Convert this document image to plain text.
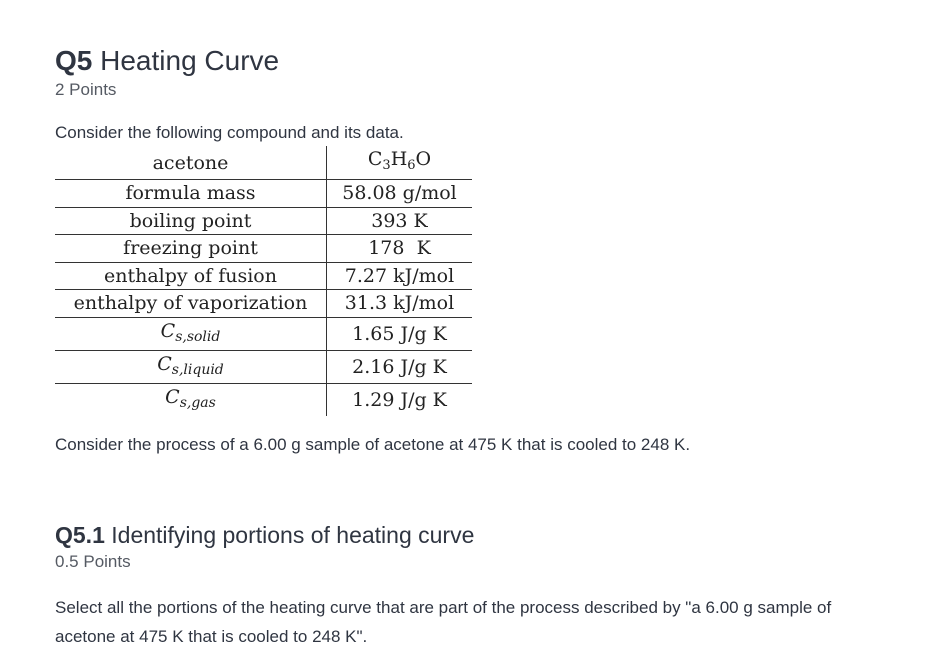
Q5 Heating Curve
2 Points
Consider the following compound and its data.
acetone	$C_3H_6O$
formula mass	58.08 g/mol
boiling point	393 K
freezing point	178  K
enthalpy of fusion	7.27 kJ/mol
enthalpy of vaporization	31.3 kJ/mol
$C_{s,solid}$	1.65 J/g K
$C_{s,liquid}$	2.16 J/g K
$C_{s,gas}$	1.29 J/g K
Consider the process of a 6.00 g sample of acetone at 475 K that is cooled to 248 K.
Q5.1 Identifying portions of heating curve
0.5 Points
Select all the portions of the heating curve that are part of the process described by "a 6.00 g sample of acetone at 475 K that is cooled to 248 K".
